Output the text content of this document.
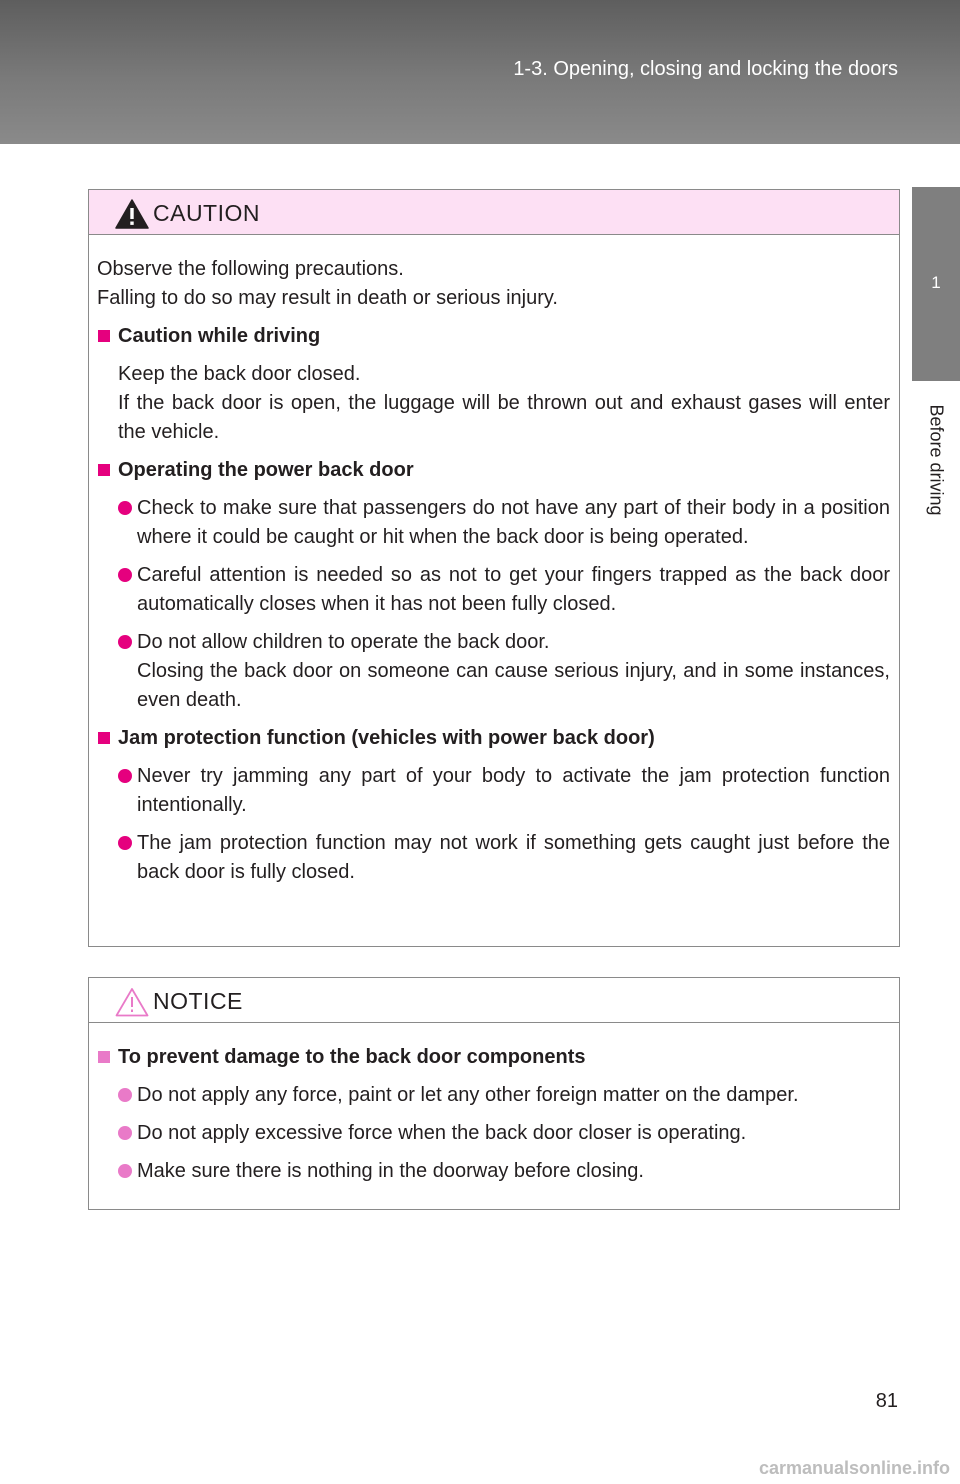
1-3. Opening, closing and locking the doors
1
Before driving
CAUTION

Observe the following precautions.

Falling to do so may result in death or serious injury.

Caution while driving

Keep the back door closed.

If the back door is open, the luggage will be thrown out and exhaust gases will enter the vehicle.

Operating the power back door

Check to make sure that passengers do not have any part of their body in a position where it could be caught or hit when the back door is being operated.

Careful attention is needed so as not to get your fingers trapped as the back door automatically closes when it has not been fully closed.

Do not allow children to operate the back door.

Closing the back door on someone can cause serious injury, and in some instances, even death.

Jam protection function (vehicles with power back door)

Never try jamming any part of your body to activate the jam protection function intentionally.

The jam protection function may not work if something gets caught just before the back door is fully closed.

NOTICE
To prevent damage to the back door components

Do not apply any force, paint or let any other foreign matter on the damper.

Do not apply excessive force when the back door closer is operating.

Make sure there is nothing in the doorway before closing.

81
carmanualsonline.info
